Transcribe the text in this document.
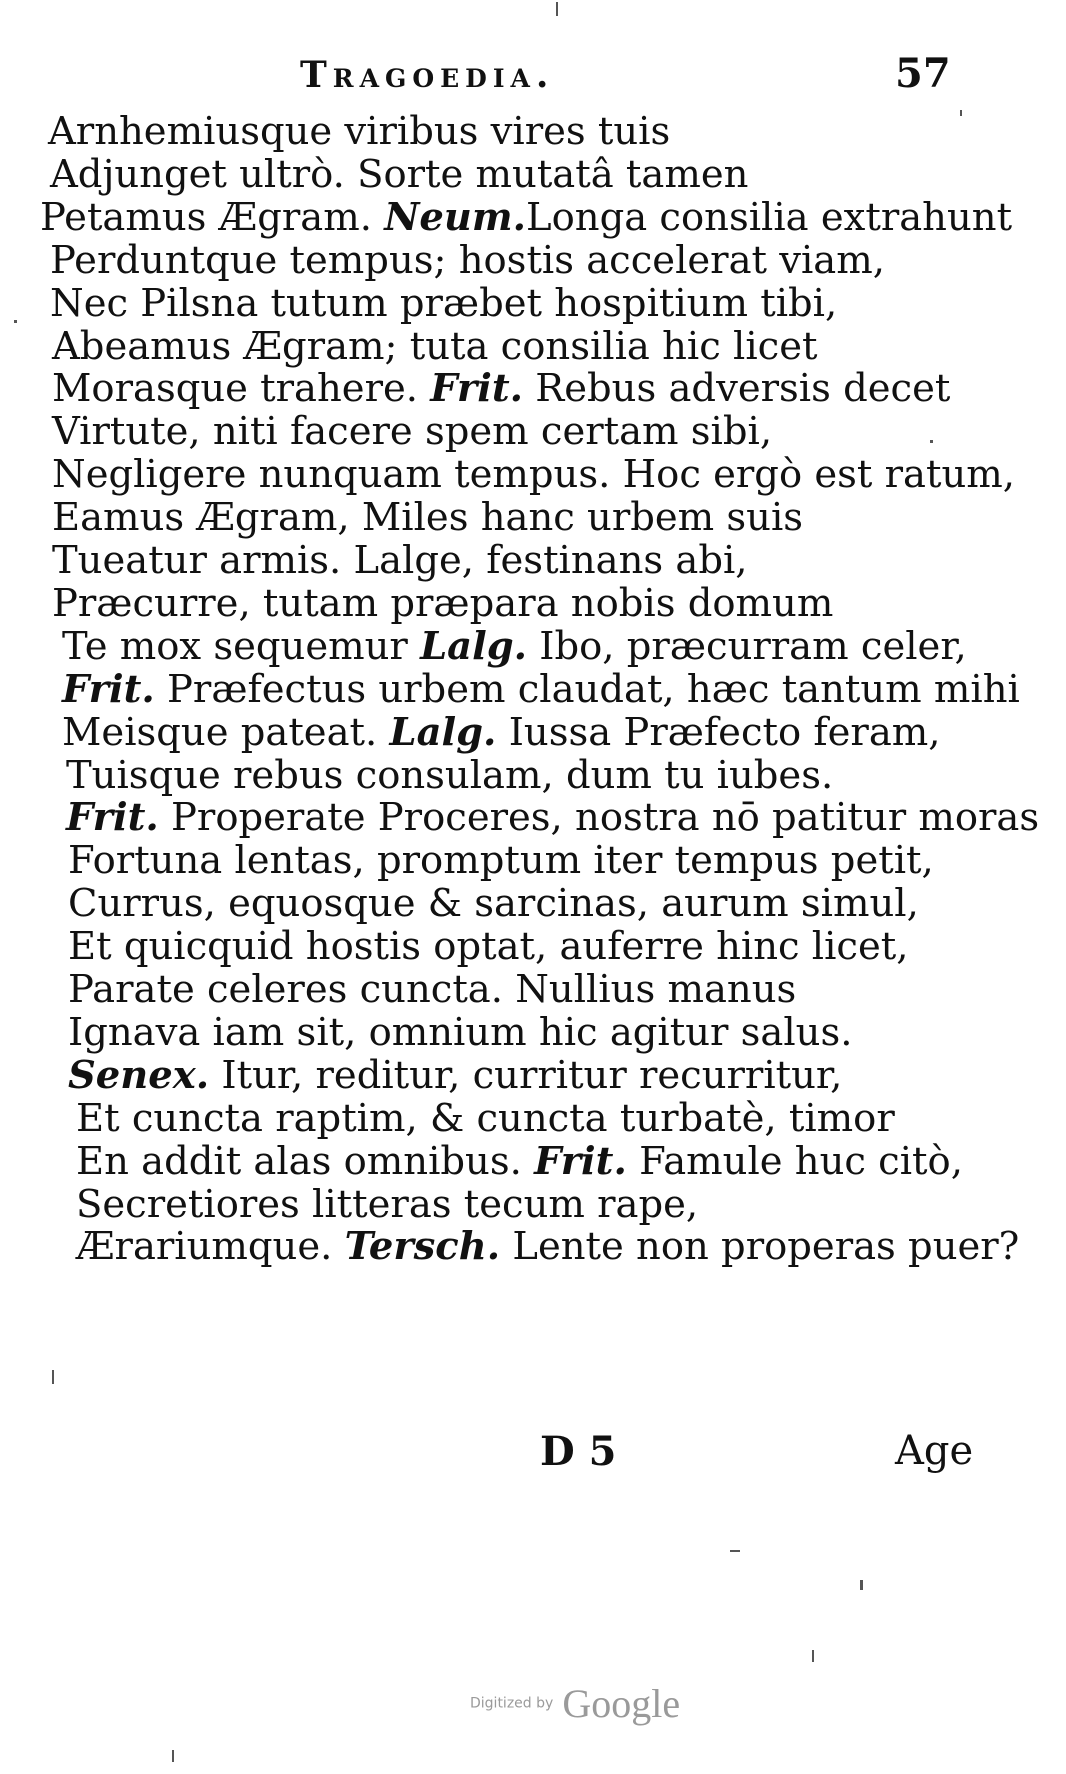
Tragoedia.	57
Arnhemiusque viribus vires tuis
Adjunget ultrò. Sorte mutatâ tamen
Petamus Ægram. Neum.Longa consilia extrahunt
Perduntque tempus; hostis accelerat viam,
Nec Pilsna tutum præbet hospitium tibi,
Abeamus Ægram; tuta consilia hic licet
Morasque trahere. Frit. Rebus adversis decet
Virtute, niti facere spem certam sibi,
Negligere nunquam tempus. Hoc ergò est ratum,
Eamus Ægram, Miles hanc urbem suis
Tueatur armis. Lalge, festinans abi,
Præcurre, tutam præpara nobis domum
Te mox sequemur Lalg. Ibo, præcurram celer,
Frit. Præfectus urbem claudat, hæc tantum mihi
Meisque pateat. Lalg. Iussa Præfecto feram,
Tuisque rebus consulam, dum tu iubes.
Frit. Properate Proceres, nostra nō patitur moras
Fortuna lentas, promptum iter tempus petit,
Currus, equosque & sarcinas, aurum simul,
Et quicquid hostis optat, auferre hinc licet,
Parate celeres cuncta. Nullius manus
Ignava iam sit, omnium hic agitur salus.
Senex. Itur, reditur, curritur recurritur,
Et cuncta raptim, & cuncta turbatè, timor
En addit alas omnibus. Frit. Famule huc citò,
Secretiores litteras tecum rape,
Ærariumque. Tersch. Lente non properas puer?
D 5	Age
Digitized by Google
